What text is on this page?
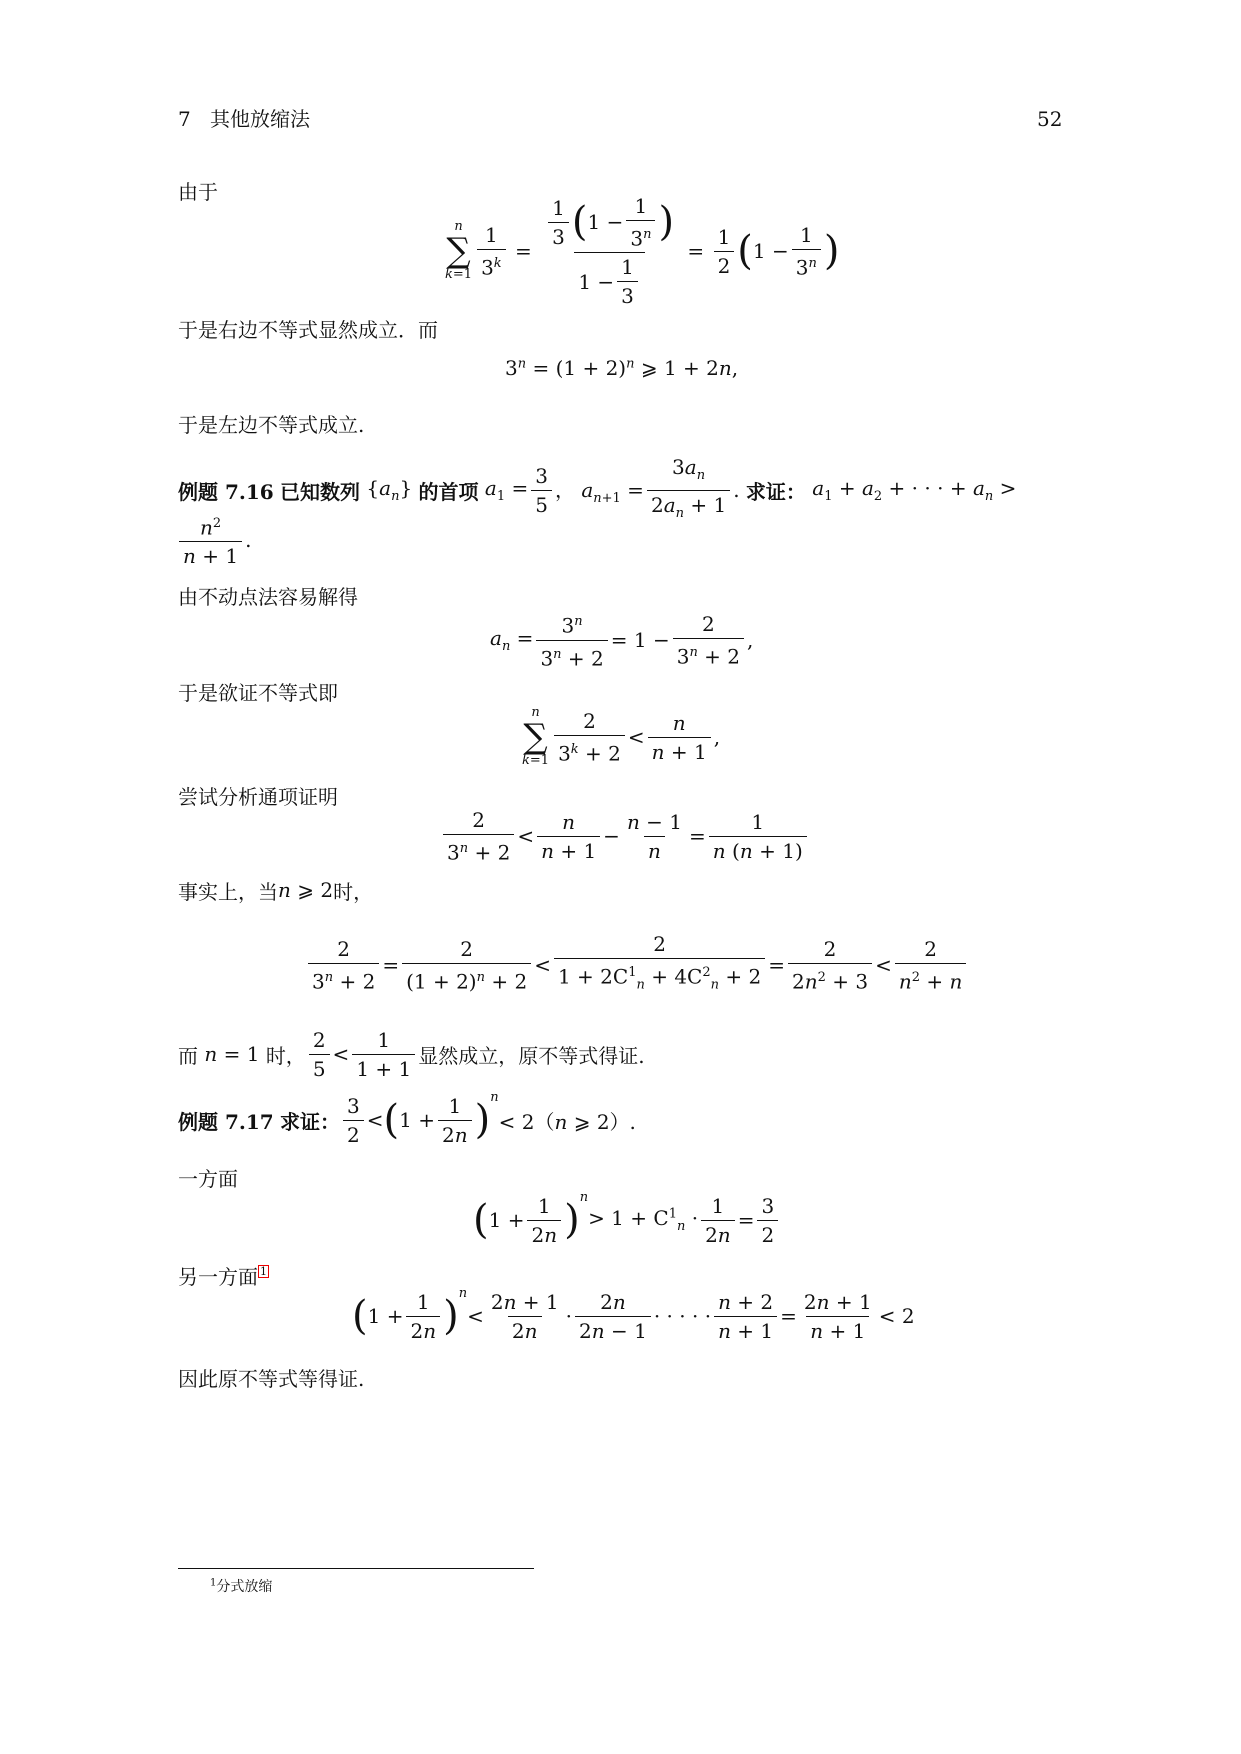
7 其他放缩法	52
由于
n
∑
$k=1 \frac{1}{3^k} = \frac{\frac{1}{3} ( 1 - \frac{1}{3^n} )}{1 - \frac{1}{3}} = \frac{1}{2}$ ( $1 - \frac{1}{3^n}$ )
于是右边不等式显然成立．而
$3^n = (1 + 2)^n$ ⩾ 1 + 2n,
于是左边不等式成立.
例题 7.16
已知数列 $\{a_n\}$ 的首项 $a_1 = \frac{3}{5}$ ， $a_{n+1} = \frac{3a_n}{2a_n + 1}$ . 求证： $a_1 + a_2$ + · · · + $a_n$ >
$\frac{n^2}{n + 1}$ .
由不动点法容易解得
$a_n = \frac{3^n}{3^n + 2} = 1 - \frac{2}{3^n + 2}$ ,
于是欲证不等式即
n
∑
$k=1 \frac{2}{3^k + 2} < \frac{n}{n + 1}$ ,
尝试分析通项证明
$\frac{2}{3^n + 2} < \frac{n}{n + 1} - \frac{n - 1}{n} = \frac{1}{n (n + 1)}$
事实上，当 n ⩾ 2 时，
$\frac{2}{3^n + 2} = \frac{2}{(1 + 2)^n + 2} < \frac{2}{1 + 2C^1_n + 4C^2_n + 2} = \frac{2}{2n^2 + 3} < \frac{2}{n^2 + n}$
而 n = 1 时， $\frac{2}{5} < \frac{1}{1 + 1}$ 显然成立，原不等式得证.
例题 7.17
求证： $\frac{3}{2}$ < ( $1 + \frac{1}{2n} )^n$
< 2（n ⩾ 2）.
一方面
( $1 + \frac{1}{2n} )^n$
> $1 + C^1_n \cdot \frac{1}{2n} = \frac{3}{2}$
另一方面 1
( $1 + \frac{1}{2n} )^n$
< $\frac{2n + 1}{2n} \cdot \frac{2n}{2n - 1}$ · · · · · $\frac{n + 2}{n + 1} = \frac{2n + 1}{n + 1} < 2$
因此原不等式等得证.
$^1$分式放缩
